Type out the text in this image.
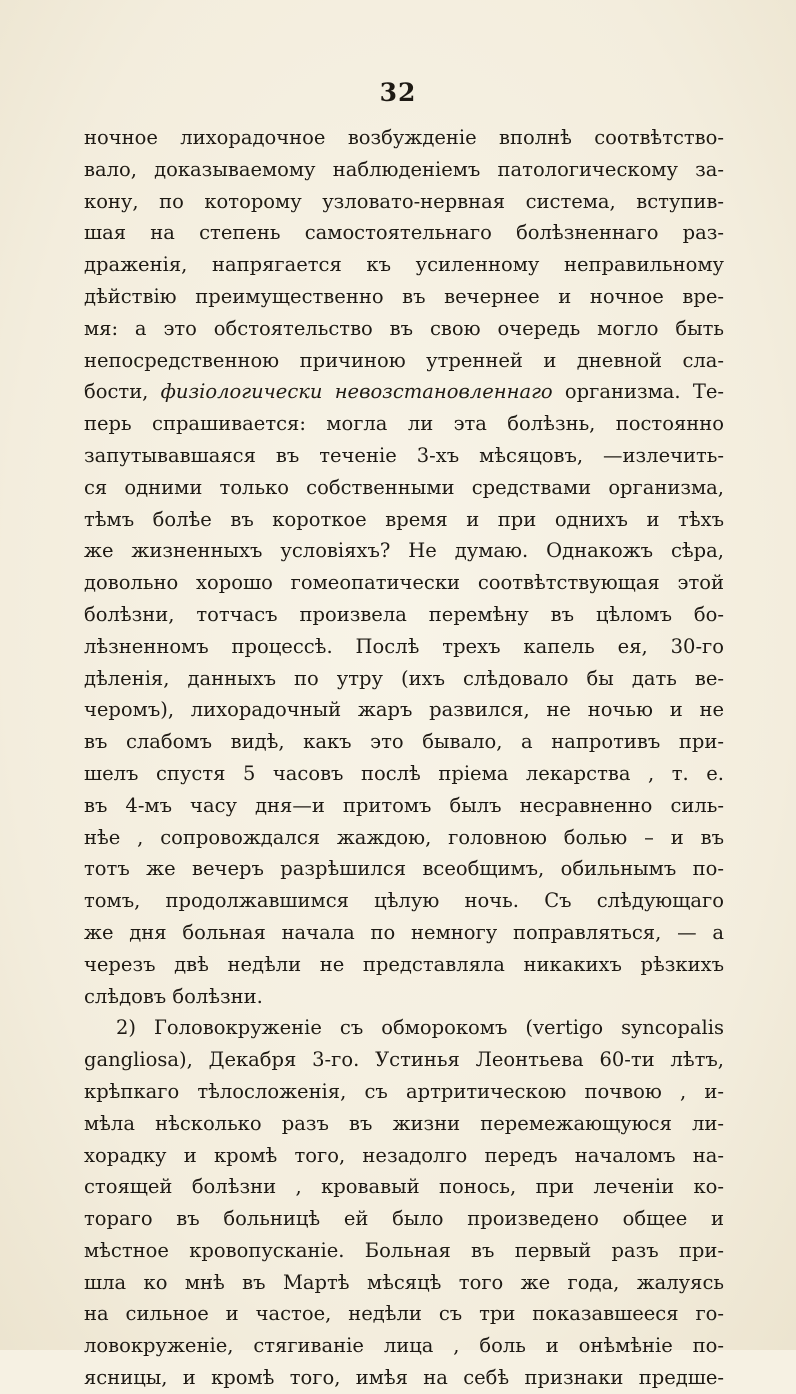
32
ночное лихорадочное возбужденіе вполнѣ соотвѣтство-
вало, доказываемому наблюденіемъ патологическому за-
кону, по которому узловато-нервная система, вступив-
шая на степень самостоятельнаго болѣзненнаго раз-
драженія, напрягается къ усиленному неправильному
дѣйствію преимущественно въ вечернее и ночное вре-
мя: а это обстоятельство въ свою очередь могло быть
непосредственною причиною утренней и дневной сла-
бости, физіологически невозстановленнаго организма. Те-
перь спрашивается: могла ли эта болѣзнь, постоянно
запутывавшаяся въ теченіе 3-хъ мѣсяцовъ, —излечить-
ся одними только собственными средствами организма,
тѣмъ болѣе въ короткое время и при однихъ и тѣхъ
же жизненныхъ условіяхъ? Не думаю. Однакожъ сѣра,
довольно хорошо гомеопатически соотвѣтствующая этой
болѣзни, тотчасъ произвела перемѣну въ цѣломъ бо-
лѣзненномъ процессѣ. Послѣ трехъ капель ея, 30-го
дѣленія, данныхъ по утру (ихъ слѣдовало бы дать ве-
черомъ), лихорадочный жаръ развился, не ночью и не
въ слабомъ видѣ, какъ это бывало, а напротивъ при-
шелъ спустя 5 часовъ послѣ пріема лекарства , т. е.
въ 4-мъ часу дня—и притомъ былъ несравненно силь-
нѣе , сопровождался жаждою, головною болью – и въ
тотъ же вечеръ разрѣшился всеобщимъ, обильнымъ по-
томъ, продолжавшимся цѣлую ночь. Съ слѣдующаго
же дня больная начала по немногу поправляться, — а
черезъ двѣ недѣли не представляла никакихъ рѣзкихъ
слѣдовъ болѣзни.
2) Головокруженіе съ обморокомъ (vertigo syncopalis
gangliosa), Декабря 3-го. Устинья Леонтьева 60-ти лѣтъ,
крѣпкаго тѣлосложенія, съ артритическою почвою , и-
мѣла нѣсколько разъ въ жизни перемежающуюся ли-
хорадку и кромѣ того, незадолго передъ началомъ на-
стоящей болѣзни , кровавый понось, при леченіи ко-
тораго въ больницѣ ей было произведено общее и
мѣстное кровопусканіе. Больная въ первый разъ при-
шла ко мнѣ въ Мартѣ мѣсяцѣ того же года, жалуясь
на сильное и частое, недѣли съ три показавшееся го-
ловокруженіе, стягиваніе лица , боль и онѣмѣніе по-
ясницы, и кромѣ того, имѣя на себѣ признаки предше-
